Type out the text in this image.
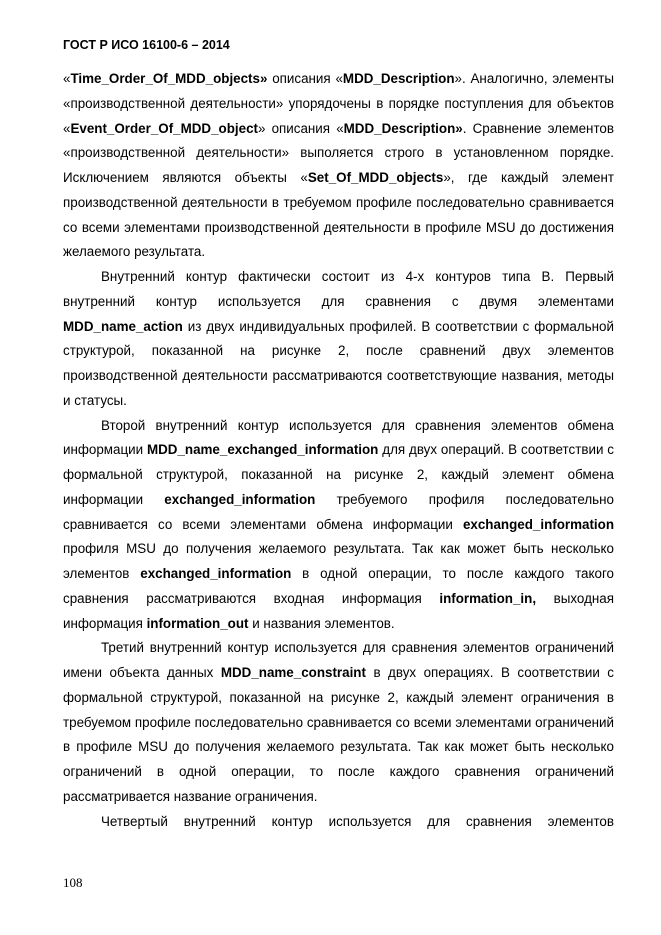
ГОСТ Р ИСО 16100-6 – 2014

«Time_Order_Of_MDD_objects» описания «MDD_Description». Аналогично, элементы «производственной деятельности» упорядочены в порядке поступления для объектов «Event_Order_Of_MDD_object» описания «MDD_Description». Сравнение элементов «производственной деятельности» выполяется строго в установленном порядке. Исключением являются объекты «Set_Of_MDD_objects», где каждый элемент производственной деятельности в требуемом профиле последовательно сравнивается со всеми элементами производственной деятельности в профиле MSU до достижения желаемого результата.

Внутренний контур фактически состоит из 4-х контуров типа B. Первый внутренний контур используется для сравнения с двумя элементами MDD_name_action из двух индивидуальных профилей. В соответствии с формальной структурой, показанной на рисунке 2, после сравнений двух элементов производственной деятельности рассматриваются соответствующие названия, методы и статусы.

Второй внутренний контур используется для сравнения элементов обмена информации MDD_name_exchanged_information для двух операций. В соответствии с формальной структурой, показанной на рисунке 2, каждый элемент обмена информации exchanged_information требуемого профиля последовательно сравнивается со всеми элементами обмена информации exchanged_information профиля MSU до получения желаемого результата. Так как может быть несколько элементов exchanged_information в одной операции, то после каждого такого сравнения рассматриваются входная информация information_in, выходная информация information_out и названия элементов.

Третий внутренний контур используется для сравнения элементов ограничений имени объекта данных MDD_name_constraint в двух операциях. В соответствии с формальной структурой, показанной на рисунке 2, каждый элемент ограничения в требуемом профиле последовательно сравнивается со всеми элементами ограничений в профиле MSU до получения желаемого результата. Так как может быть несколько ограничений в одной операции, то после каждого сравнения ограничений рассматривается название ограничения.

Четвертый внутренний контур используется для сравнения элементов

108
